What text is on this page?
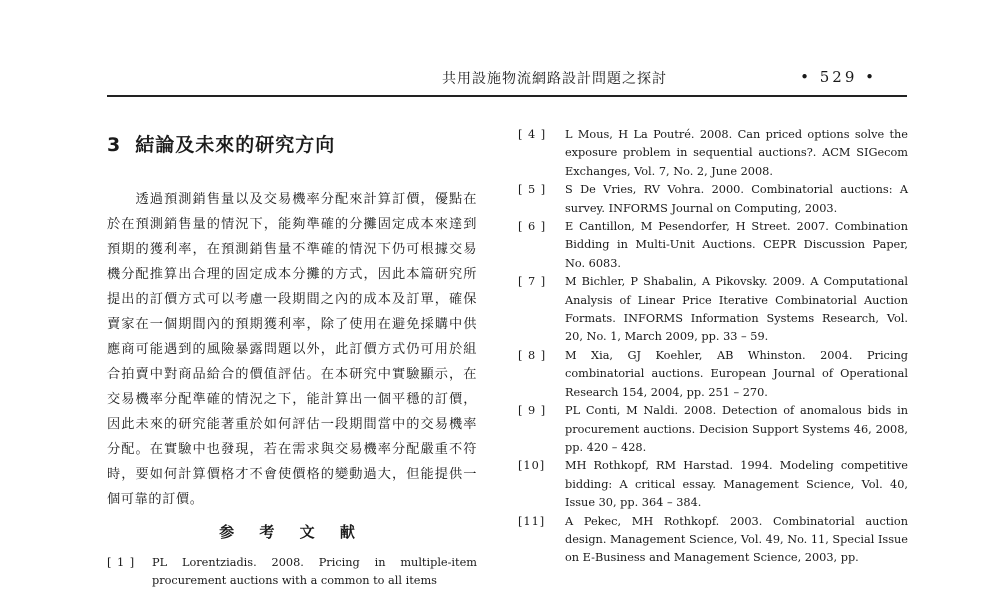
共用設施物流網路設計問題之探討	• 529 •
3 結論及未來的研究方向
透過預測銷售量以及交易機率分配來計算訂價，優點在於在預測銷售量的情況下，能夠準確的分攤固定成本來達到預期的獲利率，在預測銷售量不準確的情況下仍可根據交易機分配推算出合理的固定成本分攤的方式，因此本篇研究所提出的訂價方式可以考慮一段期間之內的成本及訂單，確保賣家在一個期間內的預期獲利率，除了使用在避免採購中供應商可能遇到的風險暴露問題以外，此訂價方式仍可用於組合拍賣中對商品給合的價值評估。在本研究中實驗顯示，在交易機率分配準確的情況之下，能計算出一個平穩的訂價，因此未來的研究能著重於如何評估一段期間當中的交易機率分配。在實驗中也發現，若在需求與交易機率分配嚴重不符時，要如何計算價格才不會使價格的變動過大，但能提供一個可靠的訂價。
参 考 文 献
[ 1 ]	PL Lorentziadis. 2008. Pricing in multiple-item procurement auctions with a common to all items
[ 4 ]	L Mous, H La Poutré. 2008. Can priced options solve the exposure problem in sequential auctions?. ACM SIGecom Exchanges, Vol. 7, No. 2, June 2008.
[ 5 ]	S De Vries, RV Vohra. 2000. Combinatorial auctions: A survey. INFORMS Journal on Computing, 2003.
[ 6 ]	E Cantillon, M Pesendorfer, H Street. 2007. Combination Bidding in Multi-Unit Auctions. CEPR Discussion Paper, No. 6083.
[ 7 ]	M Bichler, P Shabalin, A Pikovsky. 2009. A Computational Analysis of Linear Price Iterative Combinatorial Auction Formats. INFORMS Information Systems Research, Vol. 20, No. 1, March 2009, pp. 33 – 59.
[ 8 ]	M Xia, GJ Koehler, AB Whinston. 2004. Pricing combinatorial auctions. European Journal of Operational Research 154, 2004, pp. 251 – 270.
[ 9 ]	PL Conti, M Naldi. 2008. Detection of anomalous bids in procurement auctions. Decision Support Systems 46, 2008, pp. 420 – 428.
[10]	MH Rothkopf, RM Harstad. 1994. Modeling competitive bidding: A critical essay. Management Science, Vol. 40, Issue 30, pp. 364 – 384.
[11]	A Pekec, MH Rothkopf. 2003. Combinatorial auction design. Management Science, Vol. 49, No. 11, Special Issue on E-Business and Management Science, 2003, pp.
